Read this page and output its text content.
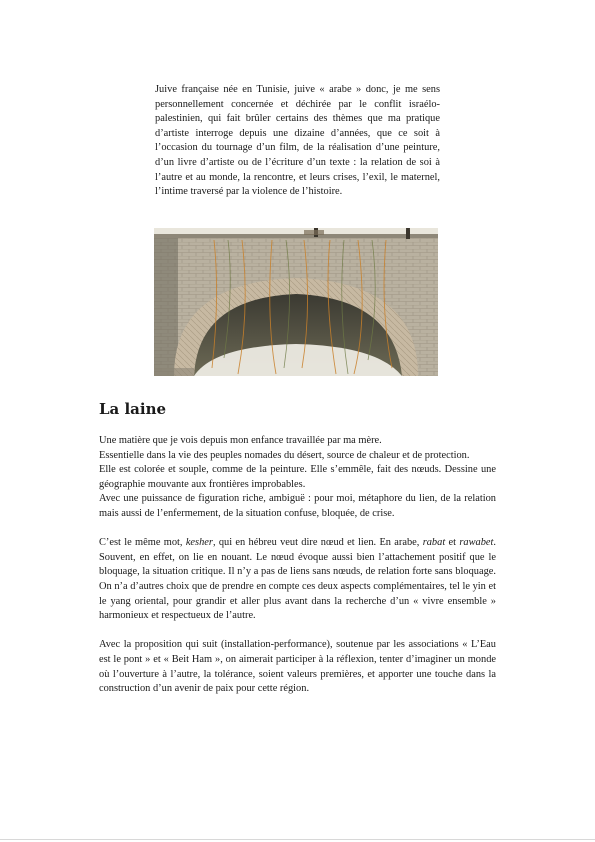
Juive française née en Tunisie, juive « arabe » donc, je me sens personnellement concernée et déchirée par le conflit israélo-palestinien, qui fait brûler certains des thèmes que ma pratique d’artiste interroge depuis une dizaine d’années, que ce soit à l’occasion du tournage d’un film, de la réalisation d’une peinture, d’un livre d’artiste ou de l’écriture d’un texte : la relation de soi à l’autre et au monde, la rencontre, et leurs crises, l’exil, le maternel, l’intime traversé par la violence de l’histoire.

La laine

Une matière que je vois depuis mon enfance travaillée par ma mère.

Essentielle dans la vie des peuples nomades du désert, source de chaleur et de protection.

Elle est colorée et souple, comme de la peinture. Elle s’emmêle, fait des nœuds. Dessine une géographie mouvante aux frontières improbables.

Avec une puissance de figuration riche, ambiguë : pour moi, métaphore du lien, de la relation mais aussi de l’enfermement, de la situation confuse, bloquée, de crise.

C’est le même mot, kesher, qui en hébreu veut dire nœud et lien. En arabe, rabat et rawabet. Souvent, en effet, on lie en nouant. Le nœud évoque aussi bien l’attachement positif que le bloquage, la situation critique. Il n’y a pas de liens sans nœuds, de relation forte sans bloquage. On n’a d’autres choix que de prendre en compte ces deux aspects complémentaires, tel le yin et le yang oriental, pour grandir et aller plus avant dans la recherche d’un « vivre ensemble » harmonieux et respectueux de l’autre.

Avec la proposition qui suit (installation-performance), soutenue par les associations « L’Eau est le pont » et « Beit Ham », on aimerait participer à la réflexion, tenter d’imaginer un monde où l’ouverture à l’autre, la tolérance, soient valeurs premières, et apporter une touche dans la construction d’un avenir de paix pour cette région.
